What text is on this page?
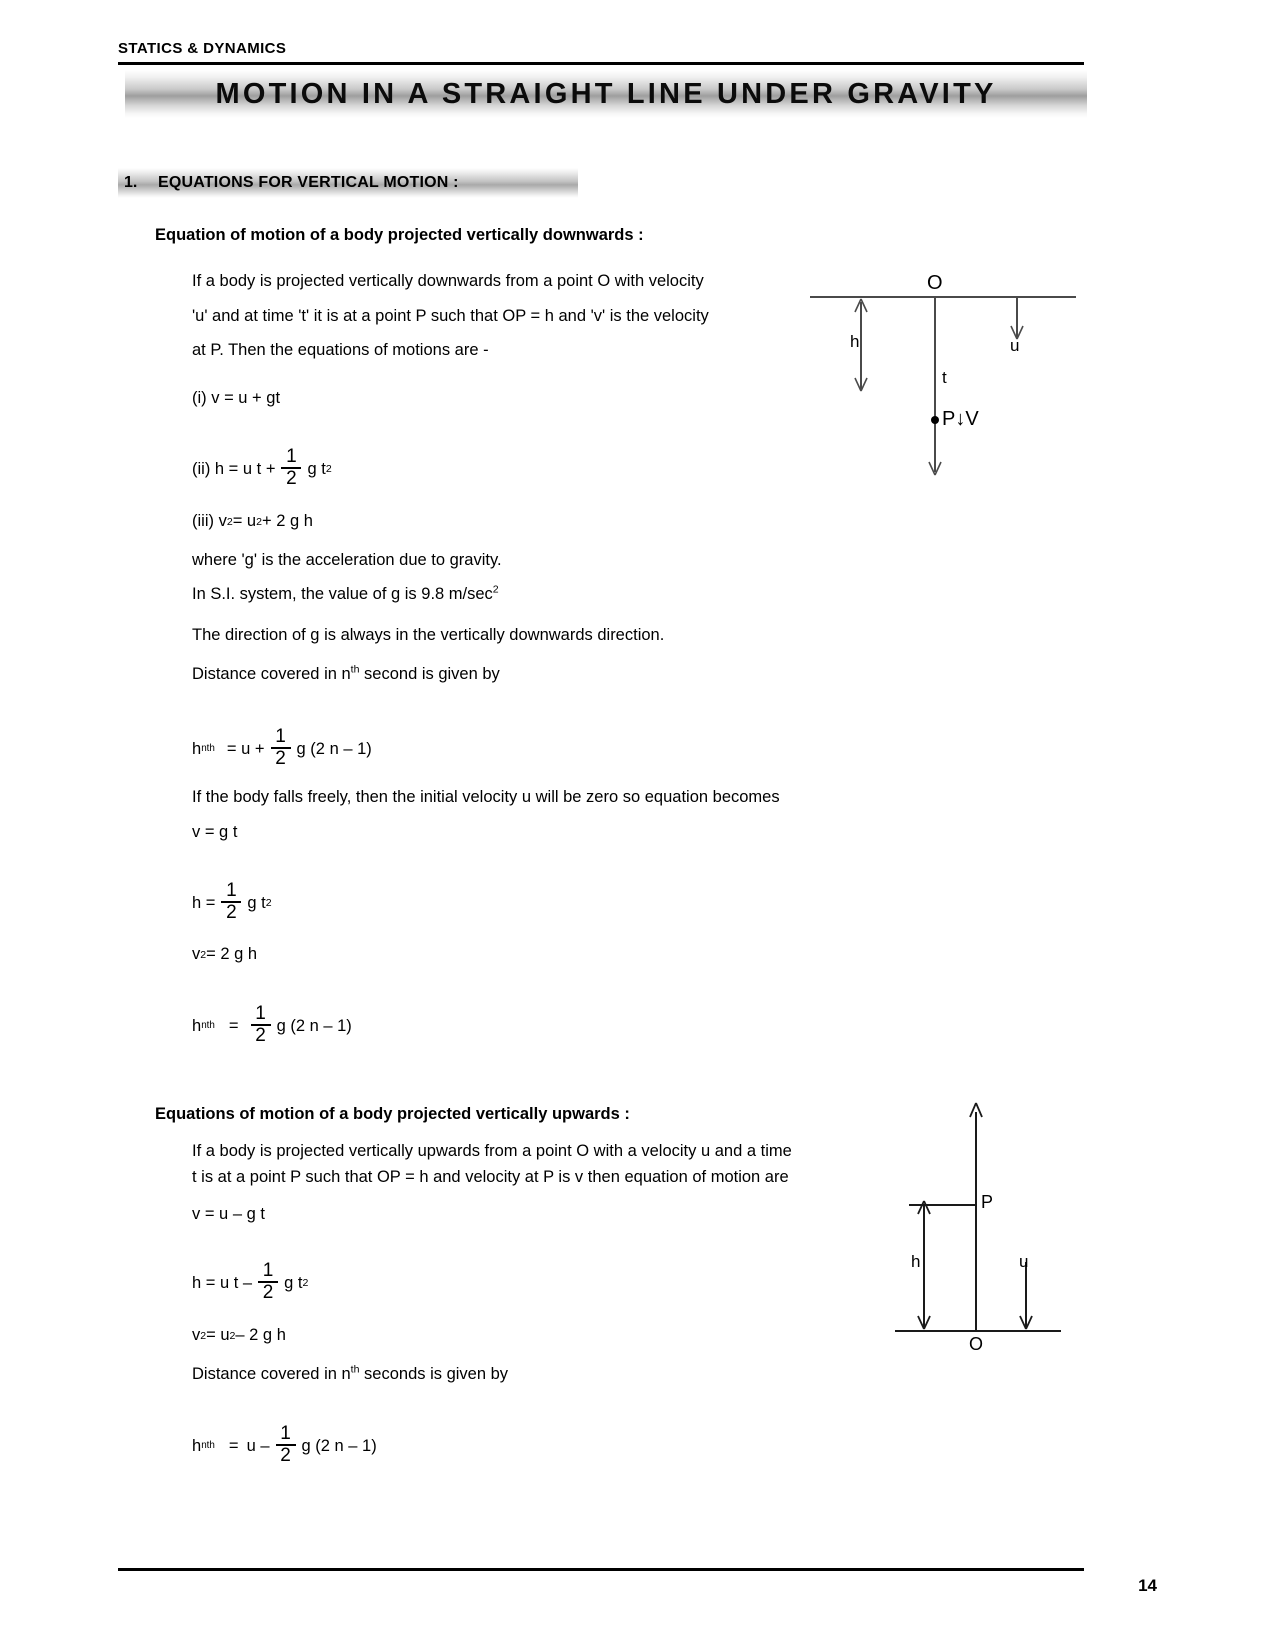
STATICS & DYNAMICS
MOTION IN A STRAIGHT LINE UNDER GRAVITY
1.	EQUATIONS FOR VERTICAL MOTION :
Equation of motion of a body projected vertically downwards :
If a body is projected vertically downwards from a point O with velocity
'u' and at time 't' it is at a point P such that OP = h and 'v' is the velocity
at P. Then the equations of motions are -
(i) v = u + gt
(ii) h = u $t + \frac{1}{2}$ g t 2
(iii) v 2 = u 2 + 2 g h
where 'g' is the acceleration due to gravity.
In S.I. system, the value of g is 9.8 $m/\sec^2$
The direction of g is always in the vertically downwards direction.
Distance covered in $n^{th}$ second is given by
h nth = $u + \frac{1}{2}$ g (2 n – 1)
If the body falls freely, then the initial velocity u will be zero so equation becomes
v = g t
$h = \frac{1}{2}$ g t 2
v 2 = 2 g h
h nth = $\frac{1}{2}$ g (2 n – 1)
O
h	u
t
P↓V
Equations of motion of a body projected vertically upwards :
If a body is projected vertically upwards from a point O with a velocity u and a time
t is at a point P such that OP = h and velocity at P is v then equation of motion are
v = u – g t
h = u t – $\frac{1}{2}$ g t 2
v 2 = u 2 – 2 g h
Distance covered in $n^{th}$ seconds is given by
h nth = u – $\frac{1}{2}$ g (2 n – 1)
P
h	u
O
14
